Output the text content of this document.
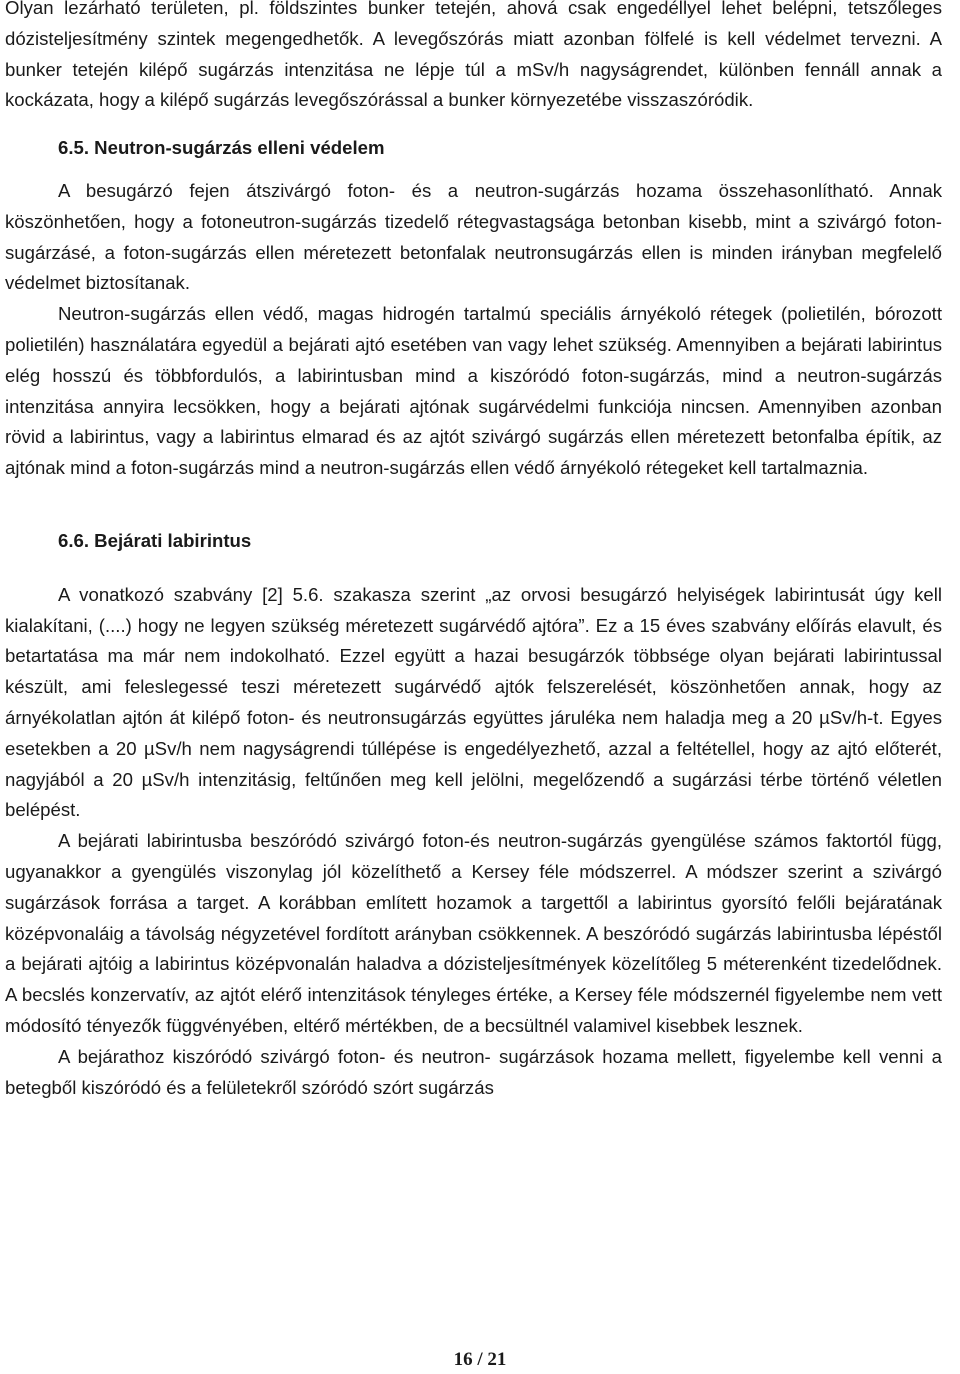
Olyan lezárható területen, pl. földszintes bunker tetején, ahová csak engedéllyel lehet belépni, tetszőleges dózisteljesítmény szintek megengedhetők. A levegőszórás miatt azonban fölfelé is kell védelmet tervezni. A bunker tetején kilépő sugárzás intenzitása ne lépje túl a mSv/h nagyságrendet, különben fennáll annak a kockázata, hogy a kilépő sugárzás levegőszórással a bunker környezetébe visszaszóródik.

6.5. Neutron-sugárzás elleni védelem

A besugárzó fejen átszivárgó foton- és a neutron-sugárzás hozama összehasonlítható. Annak köszönhetően, hogy a fotoneutron-sugárzás tizedelő rétegvastagsága betonban kisebb, mint a szivárgó foton-sugárzásé, a foton-sugárzás ellen méretezett betonfalak neutronsugárzás ellen is minden irányban megfelelő védelmet biztosítanak.

Neutron-sugárzás ellen védő, magas hidrogén tartalmú speciális árnyékoló rétegek (polietilén, bórozott polietilén) használatára egyedül a bejárati ajtó esetében van vagy lehet szükség. Amennyiben a bejárati labirintus elég hosszú és többfordulós, a labirintusban mind a kiszóródó foton-sugárzás, mind a neutron-sugárzás intenzitása annyira lecsökken, hogy a bejárati ajtónak sugárvédelmi funkciója nincsen. Amennyiben azonban rövid a labirintus, vagy a labirintus elmarad és az ajtót szivárgó sugárzás ellen méretezett betonfalba építik, az ajtónak mind a foton-sugárzás mind a neutron-sugárzás ellen védő árnyékoló rétegeket kell tartalmaznia.

6.6. Bejárati labirintus

A vonatkozó szabvány [2] 5.6. szakasza szerint „az orvosi besugárzó helyiségek labirintusát úgy kell kialakítani, (....) hogy ne legyen szükség méretezett sugárvédő ajtóra”. Ez a 15 éves szabvány előírás elavult, és betartatása ma már nem indokolható. Ezzel együtt a hazai besugárzók többsége olyan bejárati labirintussal készült, ami feleslegessé teszi méretezett sugárvédő ajtók felszerelését, köszönhetően annak, hogy az árnyékolatlan ajtón át kilépő foton- és neutronsugárzás együttes járuléka nem haladja meg a 20 µSv/h-t. Egyes esetekben a 20 µSv/h nem nagyságrendi túllépése is engedélyezhető, azzal a feltétellel, hogy az ajtó előterét, nagyjából a 20 µSv/h intenzitásig, feltűnően meg kell jelölni, megelőzendő a sugárzási térbe történő véletlen belépést.

A bejárati labirintusba beszóródó szivárgó foton-és neutron-sugárzás gyengülése számos faktortól függ, ugyanakkor a gyengülés viszonylag jól közelíthető a Kersey féle módszerrel. A módszer szerint a szivárgó sugárzások forrása a target. A korábban említett hozamok a targettől a labirintus gyorsító felőli bejáratának középvonaláig a távolság négyzetével fordított arányban csökkennek. A beszóródó sugárzás labirintusba lépéstől a bejárati ajtóig a labirintus középvonalán haladva a dózisteljesítmények közelítőleg 5 méterenként tizedelődnek. A becslés konzervatív, az ajtót elérő intenzitások tényleges értéke, a Kersey féle módszernél figyelembe nem vett módosító tényezők függvényében, eltérő mértékben, de a becsültnél valamivel kisebbek lesznek.

A bejárathoz kiszóródó szivárgó foton- és neutron- sugárzások hozama mellett, figyelembe kell venni a betegből kiszóródó és a felületekről szóródó szórt sugárzás

16 / 21
